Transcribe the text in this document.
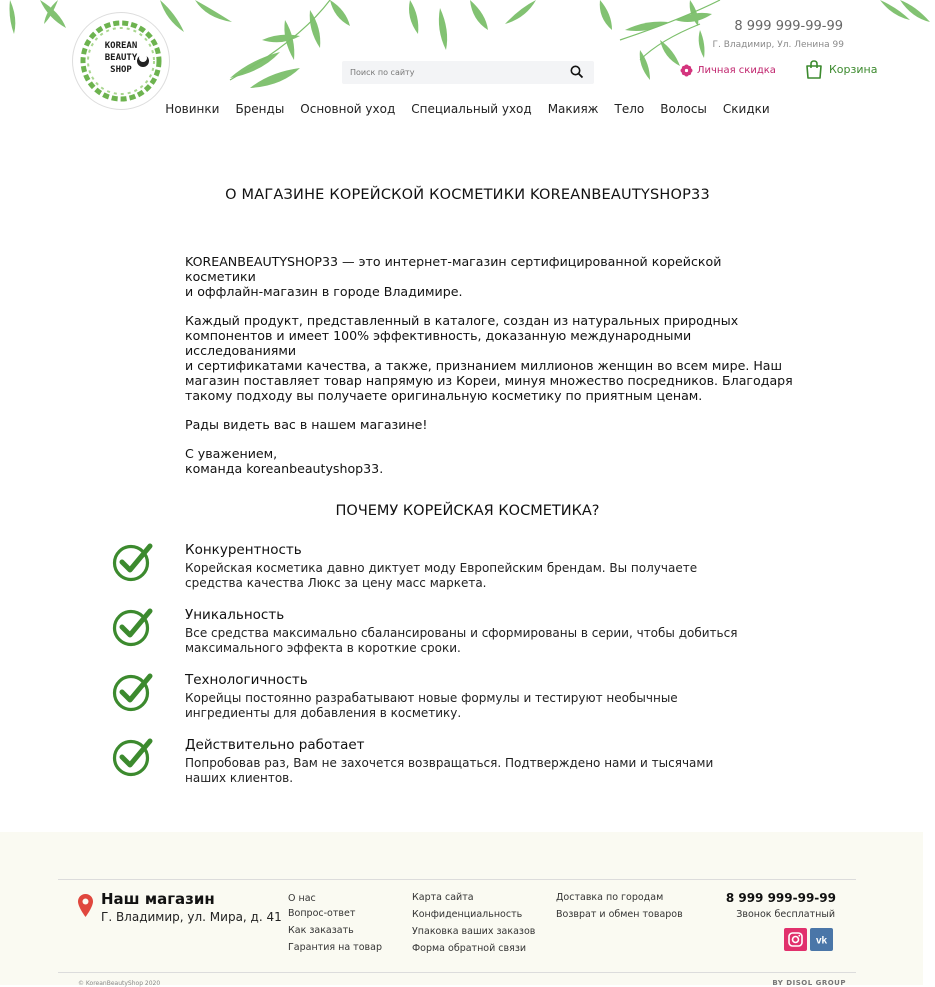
KOREAN
BEAUTY
SHOP
8 999 999-99-99
Г. Владимир, Ул. Ленина 99
Поиск по сайту
Личная скидка	Корзина
Новинки	Бренды	Основной уход	Специальный уход	Макияж	Тело	Волосы	Скидки
О МАГАЗИНЕ КОРЕЙСКОЙ КОСМЕТИКИ KOREANBEAUTYSHOP33

KOREANBEAUTYSHOP33 — это интернет-магазин сертифицированной корейской косметики
и оффлайн-магазин в городе Владимире.

Каждый продукт, представленный в каталоге, создан из натуральных природных
компонентов и имеет 100% эффективность, доказанную международными исследованиями
и сертификатами качества, а также, признанием миллионов женщин во всем мире. Наш
магазин поставляет товар напрямую из Кореи, минуя множество посредников. Благодаря
такому подходу вы получаете оригинальную косметику по приятным ценам.

Рады видеть вас в нашем магазине!

С уважением,
команда koreanbeautyshop33.

ПОЧЕМУ КОРЕЙСКАЯ КОСМЕТИКА?
Конкурентность
Корейская косметика давно диктует моду Европейским брендам. Вы получаете средства качества Люкс за цену масс маркета.
Уникальность
Все средства максимально сбалансированы и сформированы в серии, чтобы добиться максимального эффекта в короткие сроки.
Технологичность
Корейцы постоянно разрабатывают новые формулы и тестируют необычные ингредиенты для добавления в косметику.
Действительно работает
Попробовав раз, Вам не захочется возвращаться. Подтверждено нами и тысячами наших клиентов.
Наш магазин
Г. Владимир, ул. Мира, д. 41
О нас
Вопрос-ответ
Как заказать
Гарантия на товар
Карта сайта
Конфиденциальность
Упаковка ваших заказов
Форма обратной связи
Доставка по городам
Возврат и обмен товаров
8 999 999-99-99
Звонок бесплатный
vk
© KoreanBeautyShop 2020	BY DISOL GROUP
